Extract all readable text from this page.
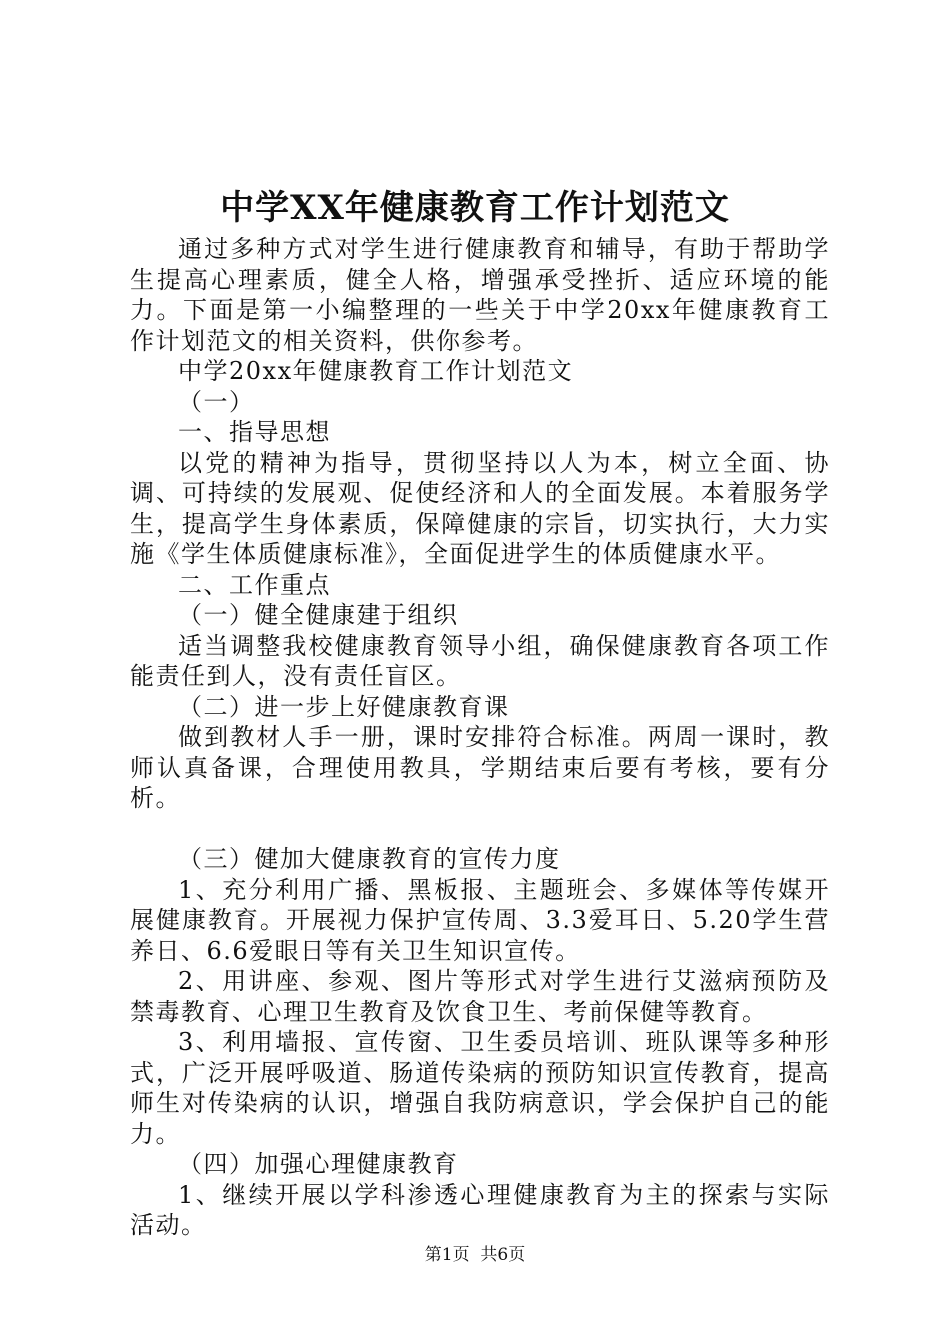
中学XX年健康教育工作计划范文

通过多种方式对学生进行健康教育和辅导，有助于帮助学生提高心理素质，健全人格，增强承受挫折、适应环境的能力。下面是第一小编整理的一些关于中学20xx年健康教育工作计划范文的相关资料，供你参考。

中学20xx年健康教育工作计划范文

（一）

一、指导思想

以党的精神为指导，贯彻坚持以人为本，树立全面、协调、可持续的发展观、促使经济和人的全面发展。本着服务学生，提高学生身体素质，保障健康的宗旨，切实执行，大力实施《学生体质健康标准》，全面促进学生的体质健康水平。

二、工作重点

（一）健全健康建于组织

适当调整我校健康教育领导小组，确保健康教育各项工作能责任到人，没有责任盲区。

（二）进一步上好健康教育课

做到教材人手一册，课时安排符合标准。两周一课时，教师认真备课，合理使用教具，学期结束后要有考核，要有分析。

（三）健加大健康教育的宣传力度

1、充分利用广播、黑板报、主题班会、多媒体等传媒开展健康教育。开展视力保护宣传周、3.3爱耳日、5.20学生营养日、6.6爱眼日等有关卫生知识宣传。

2、用讲座、参观、图片等形式对学生进行艾滋病预防及禁毒教育、心理卫生教育及饮食卫生、考前保健等教育。

3、利用墙报、宣传窗、卫生委员培训、班队课等多种形式，广泛开展呼吸道、肠道传染病的预防知识宣传教育，提高师生对传染病的认识，增强自我防病意识，学会保护自己的能力。

（四）加强心理健康教育

1、继续开展以学科渗透心理健康教育为主的探索与实际活动。

第1页  共6页
